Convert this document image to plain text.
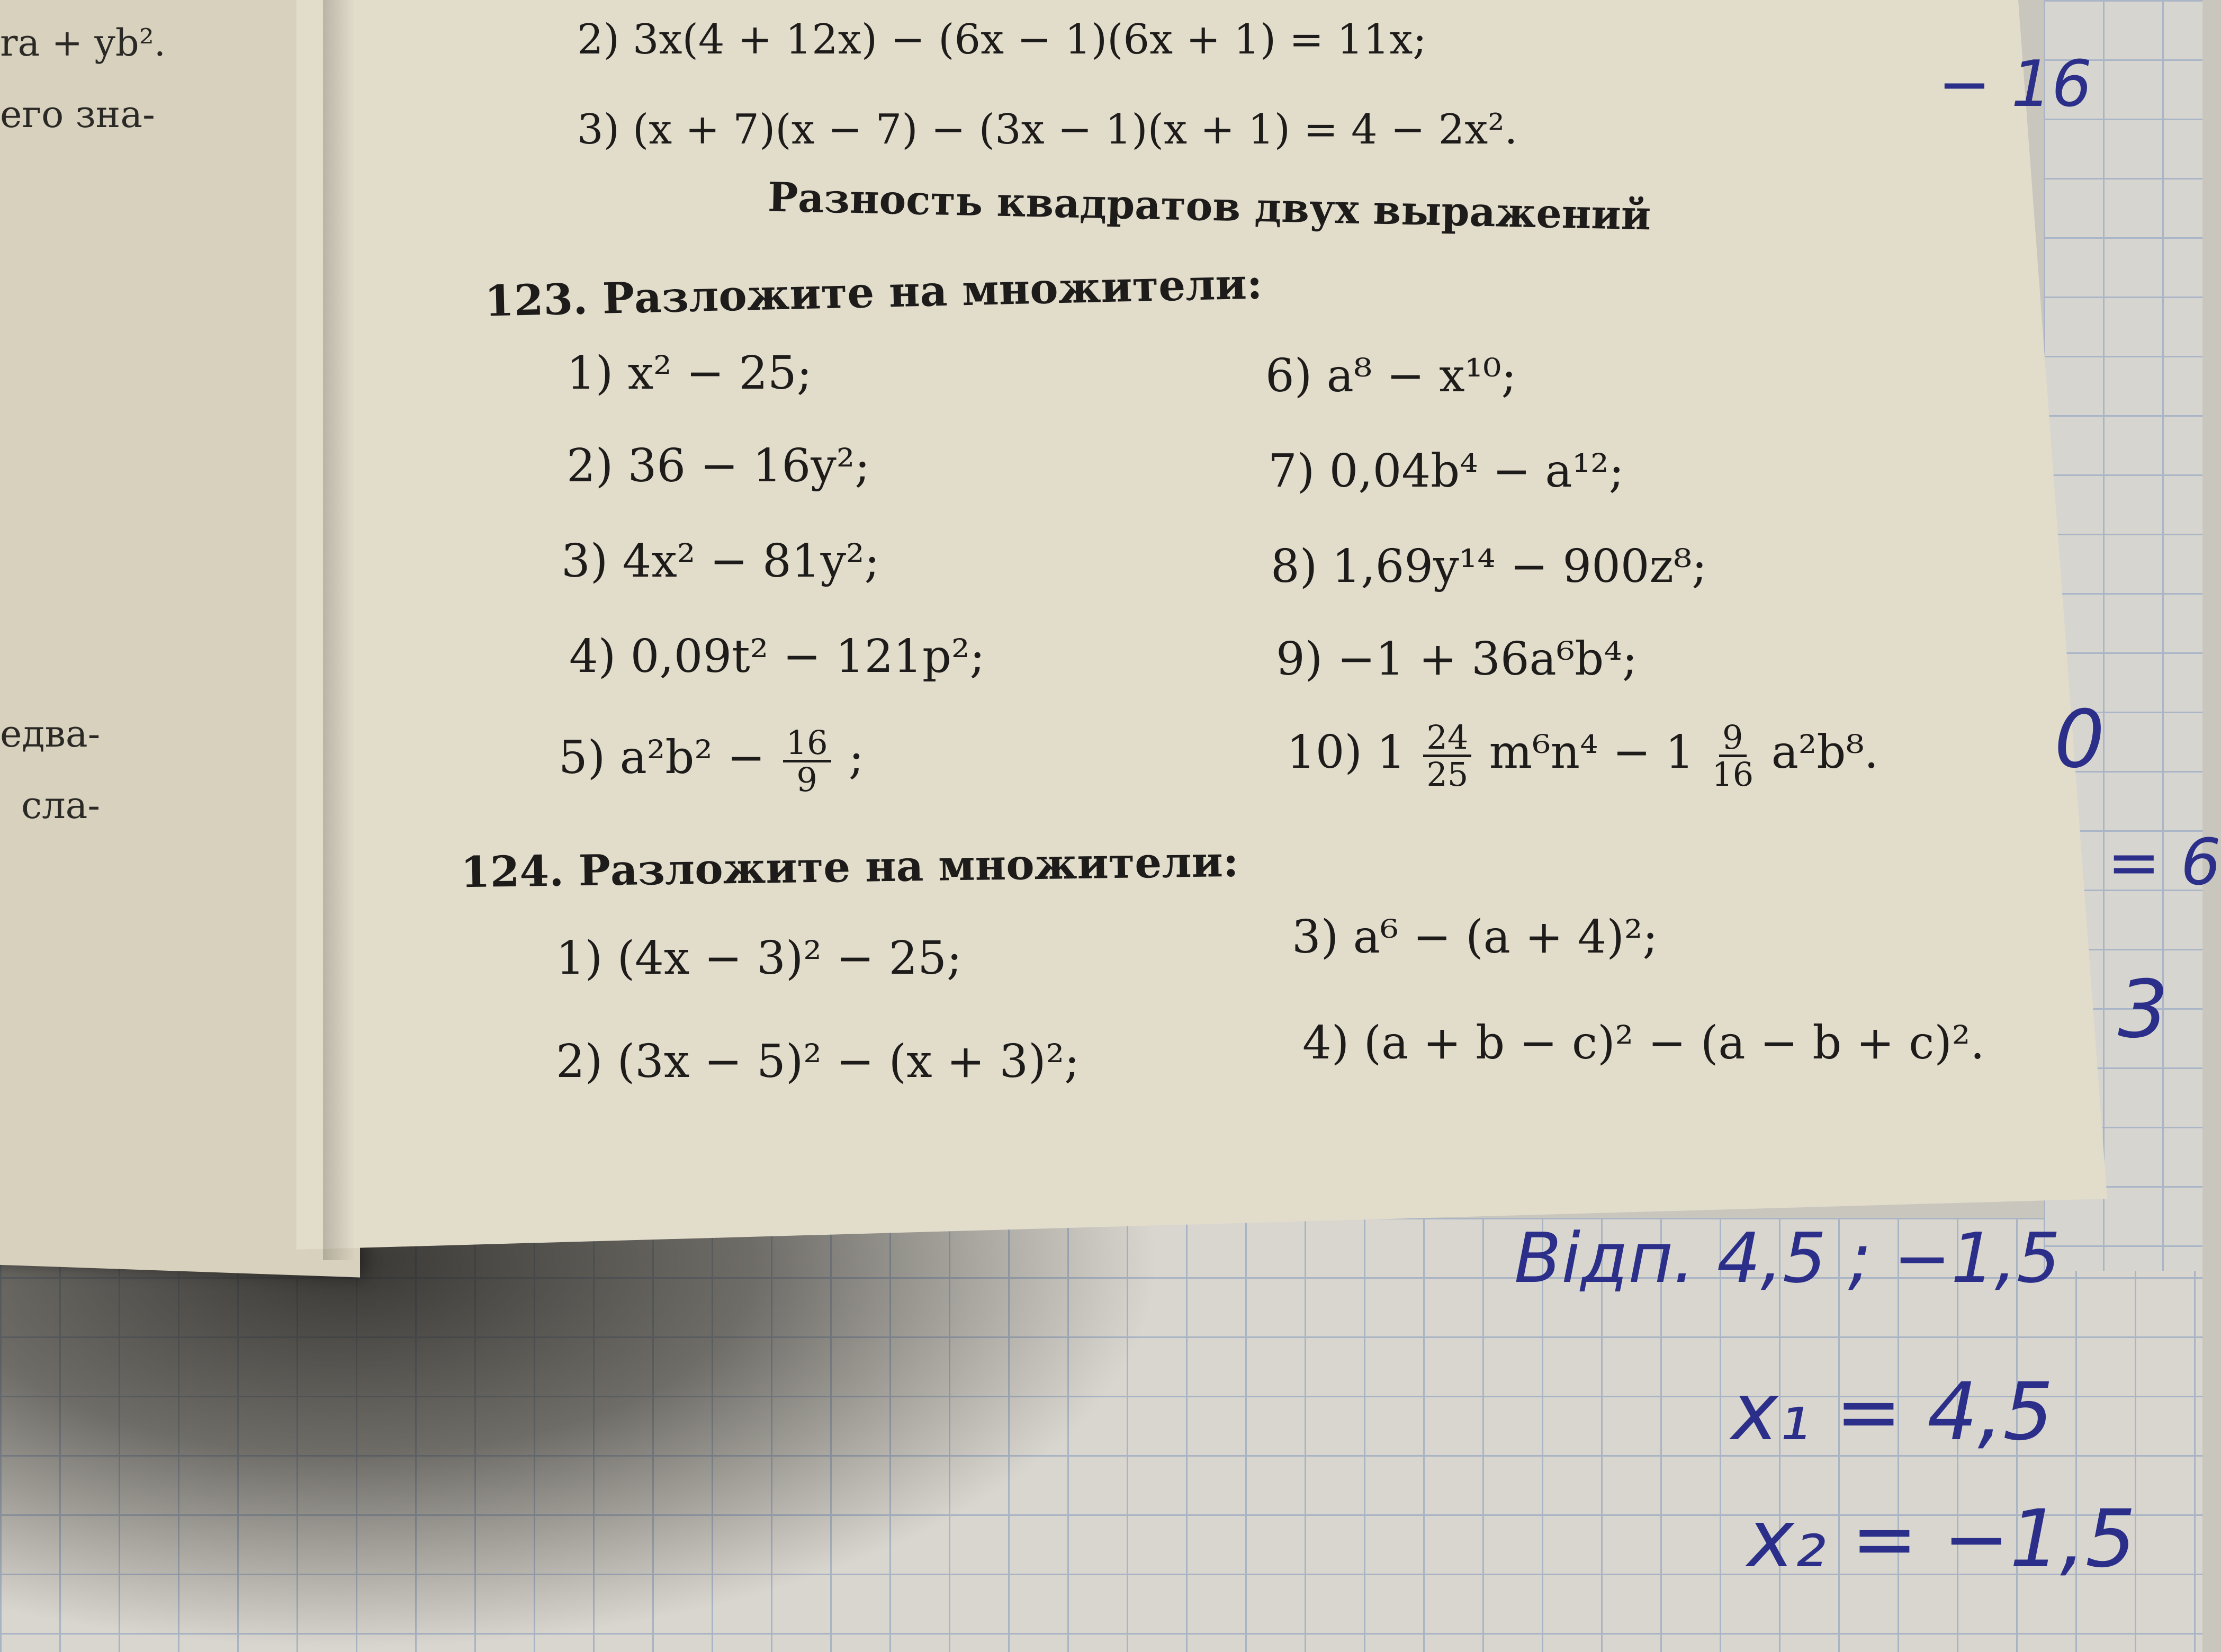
ra + yb².
его зна-
едва-
сла-
2) 3x(4 + 12x) − (6x − 1)(6x + 1) = 11x;
3) (x + 7)(x − 7) − (3x − 1)(x + 1) = 4 − 2x².
Разность квадратов двух выражений
123. Разложите на множители:
1) x² − 25;
2) 36 − 16y²;
3) 4x² − 81y²;
4) 0,09t² − 121p²;
5) $a^2b^2 - \frac{16}{9}$ ;
6) a⁸ − x¹⁰;
7) 0,04b⁴ − a¹²;
8) 1,69y¹⁴ − 900z⁸;
9) −1 + 36a⁶b⁴;
10) $1 \frac{24}{25} m^6n^4 - 1 \frac{9}{16} a^2b^8$.
124. Разложите на множители:
1) (4x − 3)² − 25;
2) (3x − 5)² − (x + 3)²;
3) a⁶ − (a + 4)²;
4) (a + b − c)² − (a − b + c)².
− 16
0
= 6
3
Відп. 4,5 ; −1,5
x₁ = 4,5
x₂ = −1,5
